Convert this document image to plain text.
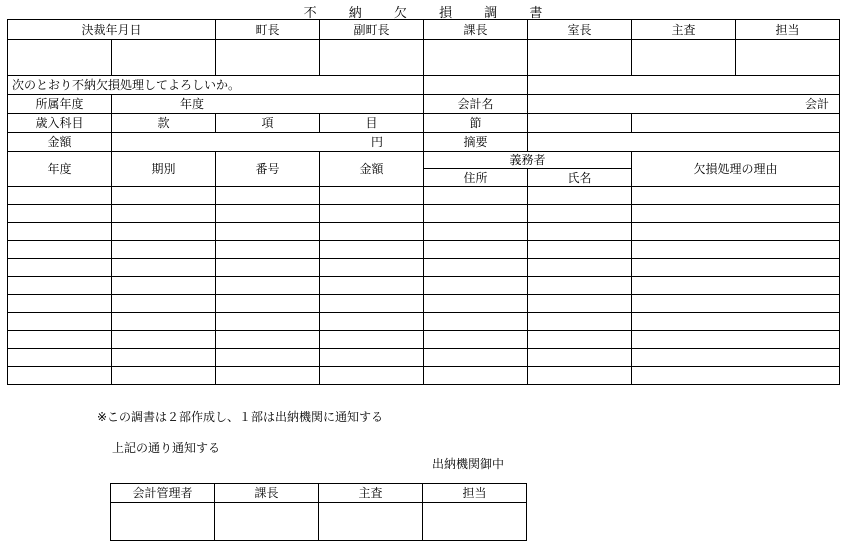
不 納 欠 損 調 書
決裁年月日		町長	副町長	課長	室長	主査	担当

次のとおり不納欠損処理してよろしいか。							
所属年度	年度			会計名	会計		
歳入科目	款	項	目	節			
金額	円			摘要			
年度	期別	番号	金額	義務者		欠損処理の理由	
				住所	氏名		

※この調書は２部作成し、１部は出納機関に通知する
上記の通り通知する
出納機関御中
会計管理者	課長	主査	担当
